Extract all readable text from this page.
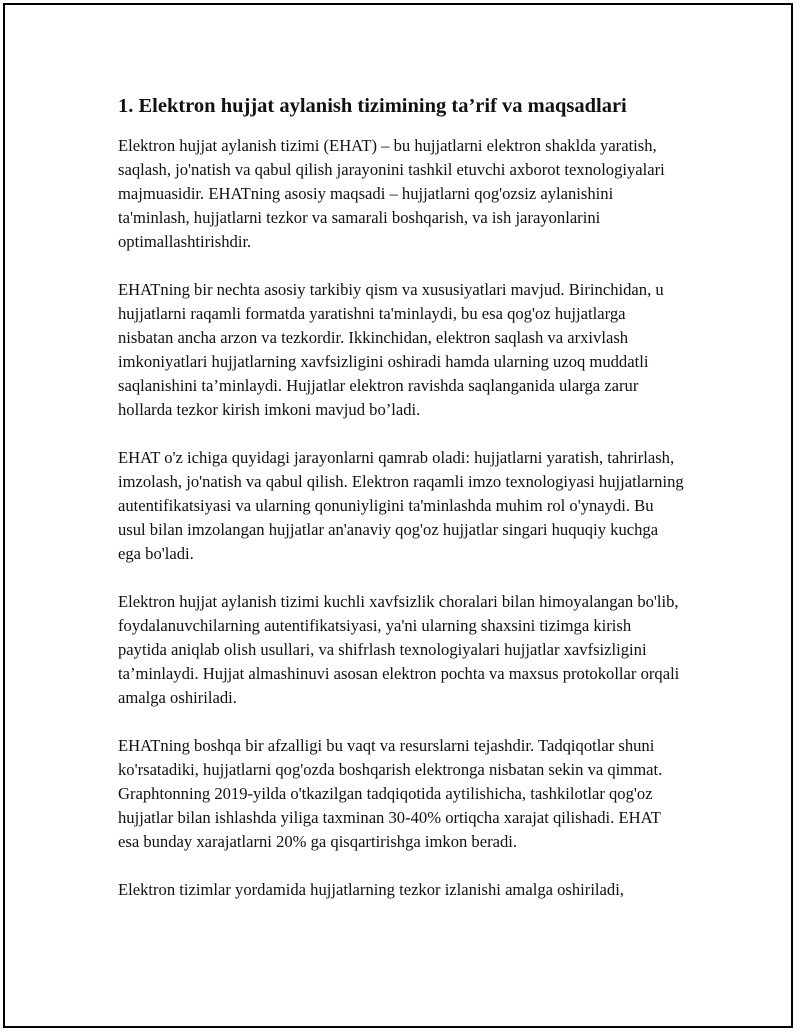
1. Elektron hujjat aylanish tizimining ta’rif va maqsadlari

Elektron hujjat aylanish tizimi (EHAT) – bu hujjatlarni elektron shaklda yaratish, saqlash, jo'natish va qabul qilish jarayonini tashkil etuvchi axborot texnologiyalari majmuasidir. EHATning asosiy maqsadi – hujjatlarni qog'ozsiz aylanishini ta'minlash, hujjatlarni tezkor va samarali boshqarish, va ish jarayonlarini optimallashtirishdir.

EHATning bir nechta asosiy tarkibiy qism va xususiyatlari mavjud. Birinchidan, u hujjatlarni raqamli formatda yaratishni ta'minlaydi, bu esa qog'oz hujjatlarga nisbatan ancha arzon va tezkordir. Ikkinchidan, elektron saqlash va arxivlash imkoniyatlari hujjatlarning xavfsizligini oshiradi hamda ularning uzoq muddatli saqlanishini ta’minlaydi. Hujjatlar elektron ravishda saqlanganida ularga zarur hollarda tezkor kirish imkoni mavjud bo’ladi.

EHAT o'z ichiga quyidagi jarayonlarni qamrab oladi: hujjatlarni yaratish, tahrirlash, imzolash, jo'natish va qabul qilish. Elektron raqamli imzo texnologiyasi hujjatlarning autentifikatsiyasi va ularning qonuniyligini ta'minlashda muhim rol o'ynaydi. Bu usul bilan imzolangan hujjatlar an'anaviy qog'oz hujjatlar singari huquqiy kuchga ega bo'ladi.

Elektron hujjat aylanish tizimi kuchli xavfsizlik choralari bilan himoyalangan bo'lib, foydalanuvchilarning autentifikatsiyasi, ya'ni ularning shaxsini tizimga kirish paytida aniqlab olish usullari, va shifrlash texnologiyalari hujjatlar xavfsizligini ta’minlaydi. Hujjat almashinuvi asosan elektron pochta va maxsus protokollar orqali amalga oshiriladi.

EHATning boshqa bir afzalligi bu vaqt va resurslarni tejashdir. Tadqiqotlar shuni ko'rsatadiki, hujjatlarni qog'ozda boshqarish elektronga nisbatan sekin va qimmat. Graphtonning 2019-yilda o'tkazilgan tadqiqotida aytilishicha, tashkilotlar qog'oz hujjatlar bilan ishlashda yiliga taxminan 30-40% ortiqcha xarajat qilishadi. EHAT esa bunday xarajatlarni 20% ga qisqartirishga imkon beradi.

Elektron tizimlar yordamida hujjatlarning tezkor izlanishi amalga oshiriladi,
